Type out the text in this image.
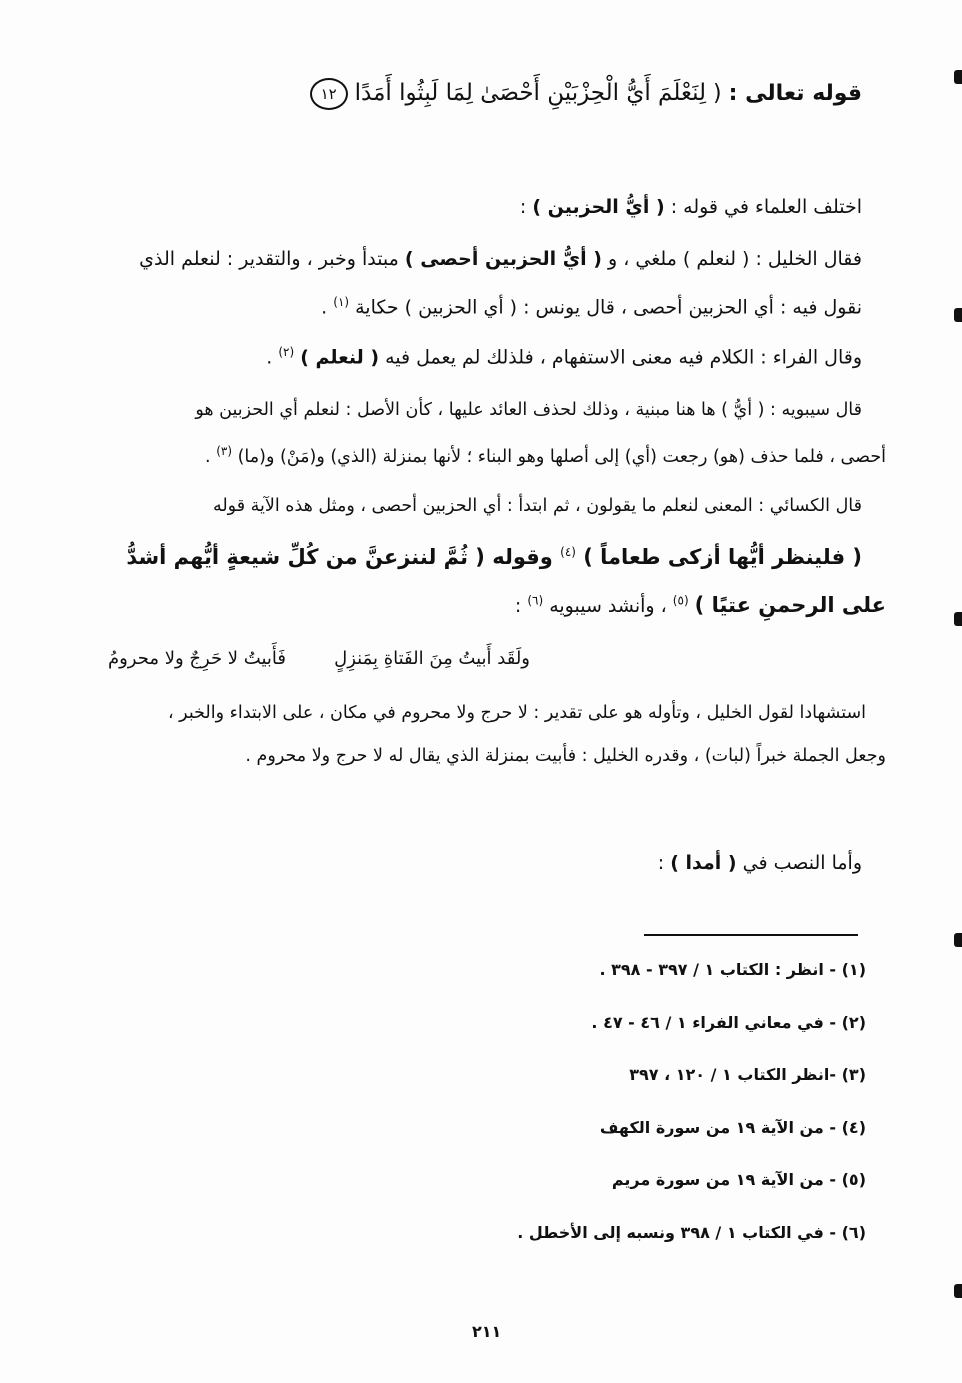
قوله تعالى : ( لِنَعْلَمَ أَيُّ الْحِزْبَيْنِ أَحْصَىٰ لِمَا لَبِثُوا أَمَدًا ١٢
اختلف العلماء في قوله : ( أيُّ الحزبين ) :
فقال الخليل : ( لنعلم ) ملغي ، و ( أيُّ الحزبين أحصى ) مبتدأ وخبر ، والتقدير : لنعلم الذي
نقول فيه : أي الحزبين أحصى ، قال يونس : ( أي الحزبين ) حكاية $^{(١)}$ .
وقال الفراء : الكلام فيه معنى الاستفهام ، فلذلك لم يعمل فيه ( لنعلم ) $^{(٢)}$ .
قال سيبويه : ( أيُّ ) ها هنا مبنية ، وذلك لحذف العائد عليها ، كأن الأصل : لنعلم أي الحزبين هو
أحصى ، فلما حذف (هو) رجعت (أي) إلى أصلها وهو البناء ؛ لأنها بمنزلة (الذي) و(مَنْ) و(ما) $^{(٣)}$ .
قال الكسائي : المعنى لنعلم ما يقولون ، ثم ابتدأ : أي الحزبين أحصى ، ومثل هذه الآية قوله
( فلينظر أيُّها أزكى طعاماً ) $^{(٤)}$ وقوله ( ثُمَّ لننزعنَّ من كُلِّ شيعةٍ أيُّهم أشدُّ
على الرحمنِ عتيًا ) $^{(٥)}$ ، وأنشد سيبويه $^{(٦)}$ :
ولَقَد أَبيتُ مِنَ الفَتاةِ بِمَنزِلٍ
فَأَبيتُ لا حَرِجٌ ولا محرومُ
استشهادا لقول الخليل ، وتأوله هو على تقدير : لا حرج ولا محروم في مكان ، على الابتداء والخبر ،
وجعل الجملة خبراً (لبات) ، وقدره الخليل : فأبيت بمنزلة الذي يقال له لا حرج ولا محروم .
وأما النصب في ( أمدا ) :
(١) - انظر : الكتاب ١ / ٣٩٧ - ٣٩٨ .
(٢) - في معاني الفراء ١ / ٤٦ - ٤٧ .
(٣) -انظر الكتاب ١ / ١٢٠ ، ٣٩٧
(٤) - من الآية ١٩ من سورة الكهف
(٥) - من الآية ١٩ من سورة مريم
(٦) - في الكتاب ١ / ٣٩٨ ونسبه إلى الأخطل .
٢١١
